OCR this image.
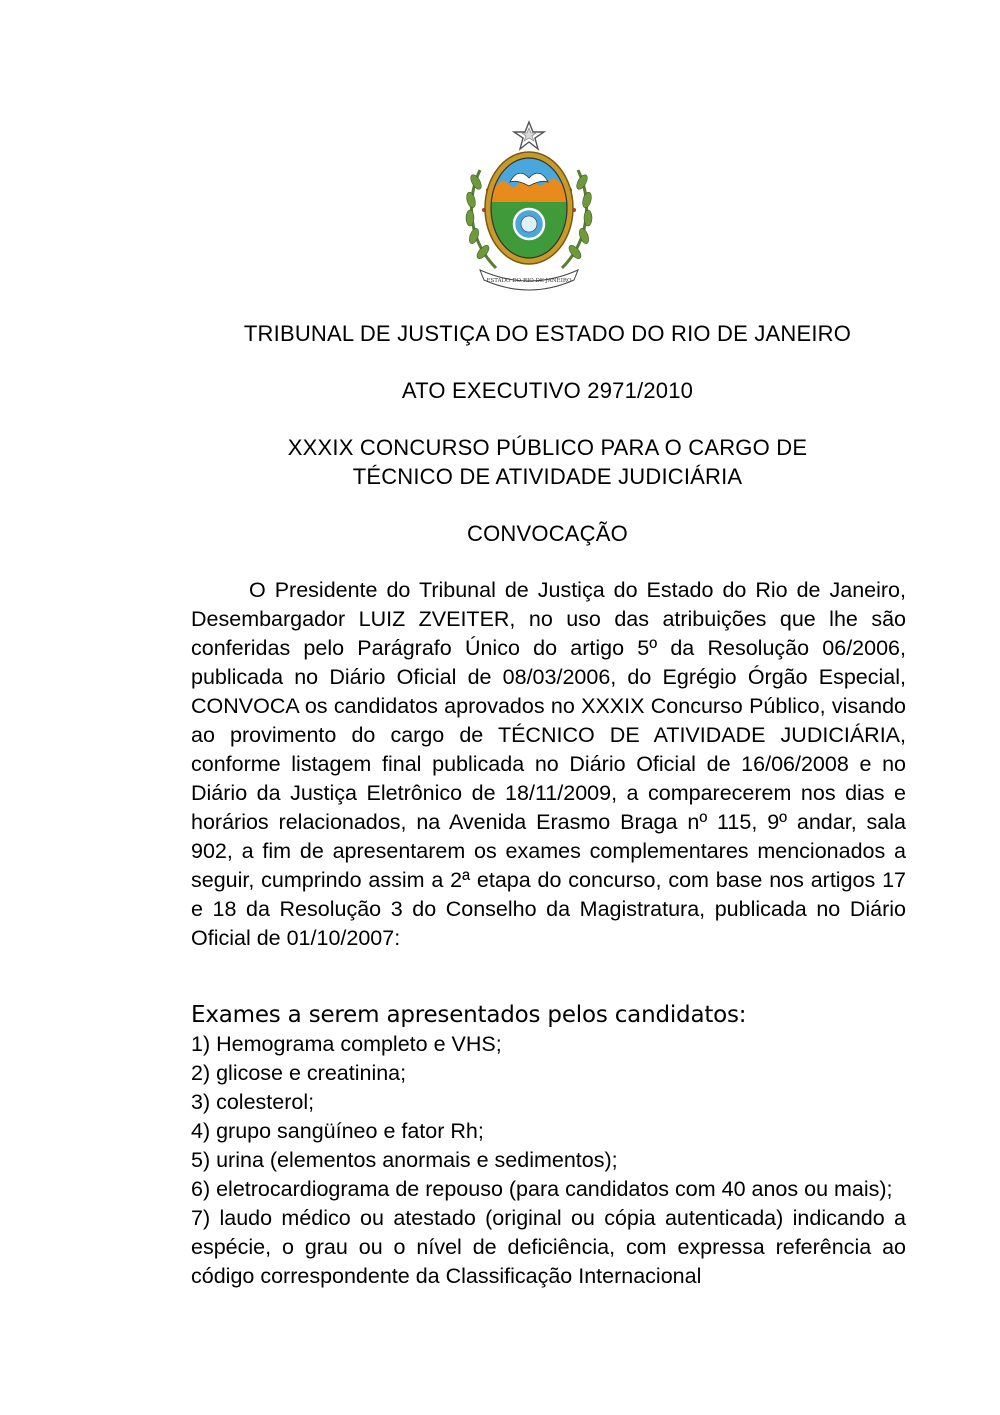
ESTADO DO RIO DE JANEIRO
TRIBUNAL DE JUSTIÇA DO ESTADO DO RIO DE JANEIRO
ATO EXECUTIVO 2971/2010
XXXIX CONCURSO PÚBLICO PARA O CARGO DE
TÉCNICO DE ATIVIDADE JUDICIÁRIA
CONVOCAÇÃO
O Presidente do Tribunal de Justiça do Estado do Rio de Janeiro, Desembargador LUIZ ZVEITER, no uso das atribuições que lhe são conferidas pelo Parágrafo Único do artigo 5º da Resolução 06/2006, publicada no Diário Oficial de 08/03/2006, do Egrégio Órgão Especial, CONVOCA os candidatos aprovados no XXXIX Concurso Público, visando ao provimento do cargo de TÉCNICO DE ATIVIDADE JUDICIÁRIA, conforme listagem final publicada no Diário Oficial de 16/06/2008 e no Diário da Justiça Eletrônico de 18/11/2009, a comparecerem nos dias e horários relacionados, na Avenida Erasmo Braga nº 115, 9º andar, sala 902, a fim de apresentarem os exames complementares mencionados a seguir, cumprindo assim a 2ª etapa do concurso, com base nos artigos 17 e 18 da Resolução 3 do Conselho da Magistratura, publicada no Diário Oficial de 01/10/2007:
Exames a serem apresentados pelos candidatos:
1) Hemograma completo e VHS;
2) glicose e creatinina;
3) colesterol;
4) grupo sangüíneo e fator Rh;
5) urina (elementos anormais e sedimentos);
6) eletrocardiograma de repouso (para candidatos com 40 anos ou mais);
7) laudo médico ou atestado (original ou cópia autenticada) indicando a espécie, o grau ou o nível de deficiência, com expressa referência ao código correspondente da Classificação Internacional
